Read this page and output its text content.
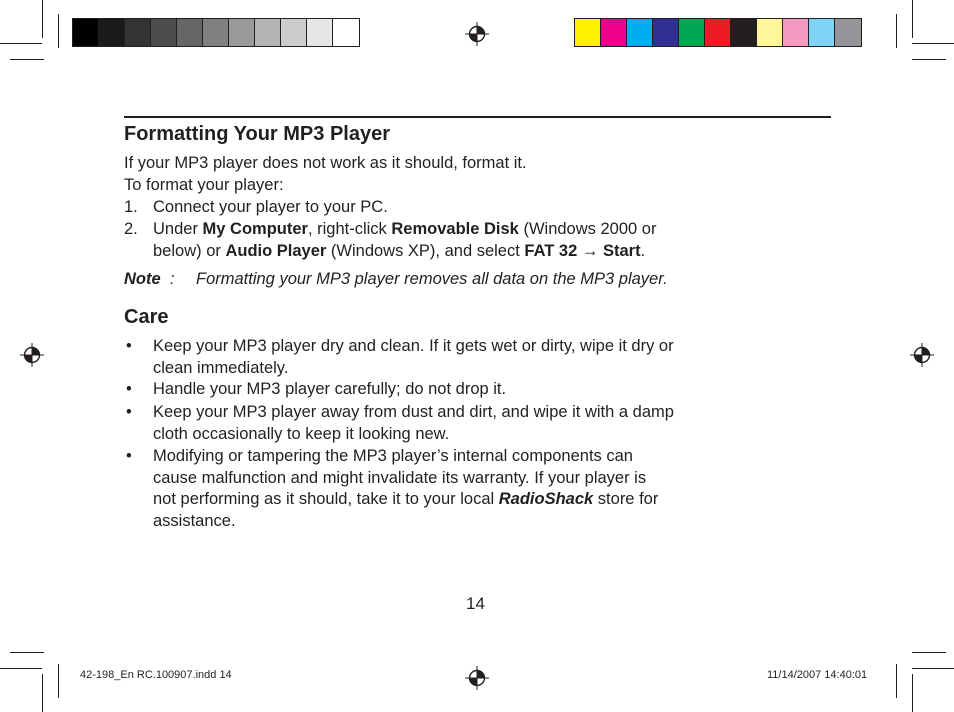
Formatting Your MP3 Player
If your MP3 player does not work as it should, format it.
To format your player:
1. Connect your player to your PC.
2. Under My Computer, right-click Removable Disk (Windows 2000 or
below) or Audio Player (Windows XP), and select FAT 32 → Start.
Note : Formatting your MP3 player removes all data on the MP3 player.
Care
• Keep your MP3 player dry and clean. If it gets wet or dirty, wipe it dry or
clean immediately.
• Handle your MP3 player carefully; do not drop it.
• Keep your MP3 player away from dust and dirt, and wipe it with a damp
cloth occasionally to keep it looking new.
• Modifying or tampering the MP3 player’s internal components can
cause malfunction and might invalidate its warranty. If your player is
not performing as it should, take it to your local RadioShack store for
assistance.
14
42-198_En RC.100907.indd 14	11/14/2007 14:40:01
